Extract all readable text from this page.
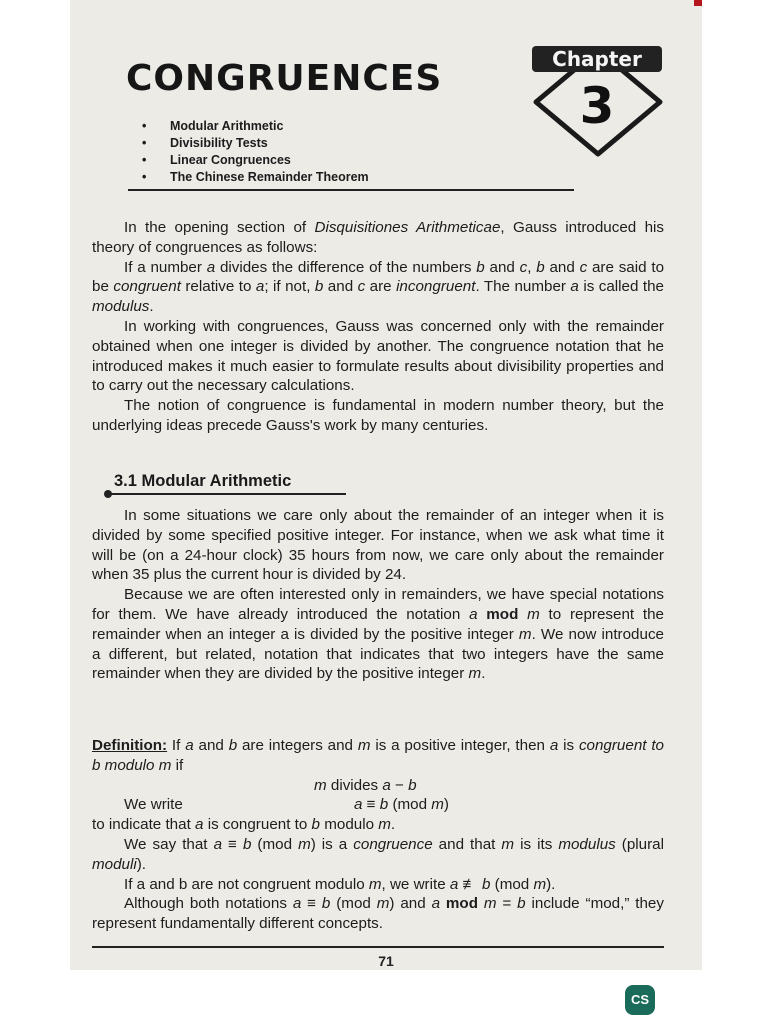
CONGRUENCES	Chapter
3
• Modular Arithmetic
• Divisibility Tests
• Linear Congruences
• The Chinese Remainder Theorem

In the opening section of Disquisitiones Arithmeticae, Gauss introduced his theory of congruences as follows:

If a number a divides the difference of the numbers b and c, b and c are said to be congruent relative to a; if not, b and c are incongruent. The number a is called the modulus.

In working with congruences, Gauss was concerned only with the remainder obtained when one integer is divided by another. The congruence notation that he introduced makes it much easier to formulate results about divisibility properties and to carry out the necessary calculations.

The notion of congruence is fundamental in modern number theory, but the underlying ideas precede Gauss's work by many centuries.

3.1 Modular Arithmetic

In some situations we care only about the remainder of an integer when it is divided by some specified positive integer. For instance, when we ask what time it will be (on a 24-hour clock) 35 hours from now, we care only about the remainder when 35 plus the current hour is divided by 24.

Because we are often interested only in remainders, we have special notations for them. We have already introduced the notation a mod m to represent the remainder when an integer a is divided by the positive integer m. We now introduce a different, but related, notation that indicates that two integers have the same remainder when they are divided by the positive integer m.

Definition: If a and b are integers and m is a positive integer, then a is congruent to b modulo m if

m divides a − b

We write	a ≡ b (mod m)

to indicate that a is congruent to b modulo m.

We say that a ≡ b (mod m) is a congruence and that m is its modulus (plural moduli).

If a and b are not congruent modulo m, we write a ≢ b (mod m).

Although both notations a ≡ b (mod m) and a mod m = b include “mod,” they represent fundamentally different concepts.

71
CS
